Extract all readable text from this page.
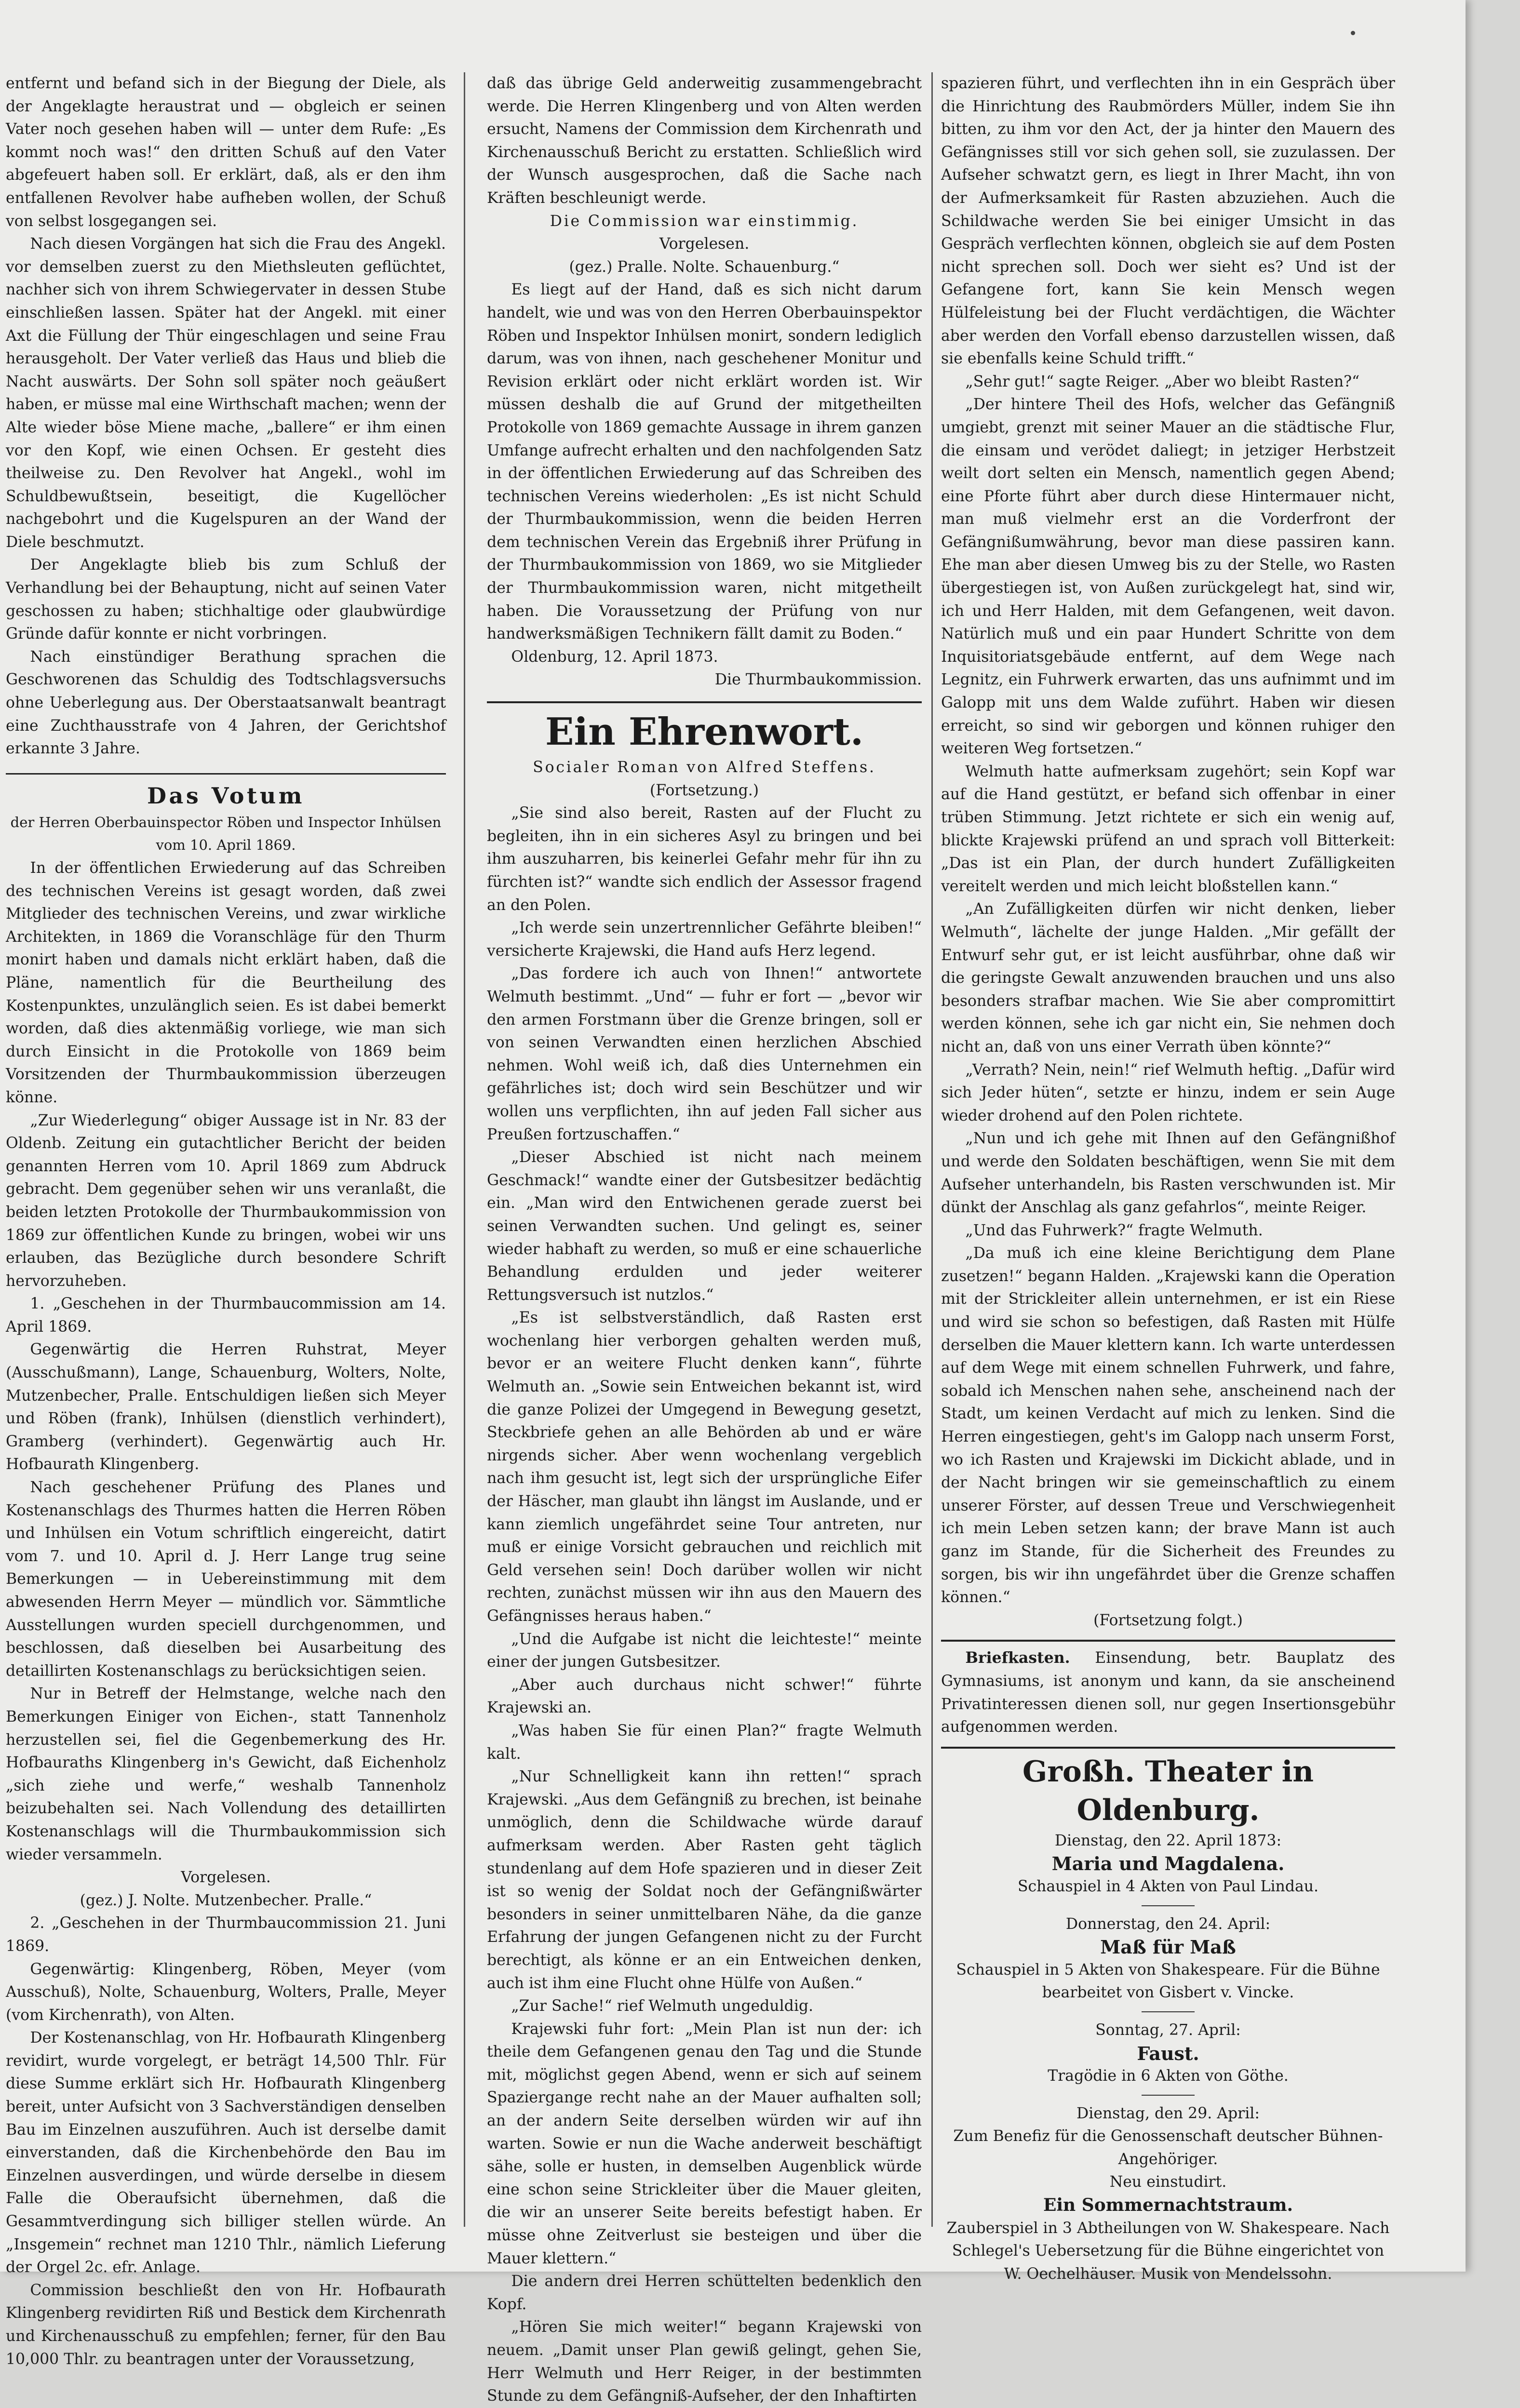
entfernt und befand sich in der Biegung der Diele, als der Angeklagte heraustrat und — obgleich er seinen Vater noch gesehen haben will — unter dem Rufe: „Es kommt noch was!“ den dritten Schuß auf den Vater abgefeuert haben soll. Er erklärt, daß, als er den ihm entfallenen Revolver habe aufheben wollen, der Schuß von selbst losgegangen sei.

Nach diesen Vorgängen hat sich die Frau des Angekl. vor demselben zuerst zu den Miethsleuten geflüchtet, nachher sich von ihrem Schwiegervater in dessen Stube einschließen lassen. Später hat der Angekl. mit einer Axt die Füllung der Thür eingeschlagen und seine Frau herausgeholt. Der Vater verließ das Haus und blieb die Nacht auswärts. Der Sohn soll später noch geäußert haben, er müsse mal eine Wirthschaft machen; wenn der Alte wieder böse Miene mache, „ballere“ er ihm einen vor den Kopf, wie einen Ochsen. Er gesteht dies theilweise zu. Den Revolver hat Angekl., wohl im Schuldbewußtsein, beseitigt, die Kugellöcher nachgebohrt und die Kugelspuren an der Wand der Diele beschmutzt.

Der Angeklagte blieb bis zum Schluß der Verhandlung bei der Behauptung, nicht auf seinen Vater geschossen zu haben; stichhaltige oder glaubwürdige Gründe dafür konnte er nicht vorbringen.

Nach einstündiger Berathung sprachen die Geschworenen das Schuldig des Todtschlagsversuchs ohne Ueberlegung aus. Der Oberstaatsanwalt beantragt eine Zuchthausstrafe von 4 Jahren, der Gerichtshof erkannte 3 Jahre.

Das Votum

der Herren Oberbauinspector Röben und Inspector Inhülsen vom 10. April 1869.

In der öffentlichen Erwiederung auf das Schreiben des technischen Vereins ist gesagt worden, daß zwei Mitglieder des technischen Vereins, und zwar wirkliche Architekten, in 1869 die Voranschläge für den Thurm monirt haben und damals nicht erklärt haben, daß die Pläne, namentlich für die Beurtheilung des Kostenpunktes, unzulänglich seien. Es ist dabei bemerkt worden, daß dies aktenmäßig vorliege, wie man sich durch Einsicht in die Protokolle von 1869 beim Vorsitzenden der Thurmbaukommission überzeugen könne.

„Zur Wiederlegung“ obiger Aussage ist in Nr. 83 der Oldenb. Zeitung ein gutachtlicher Bericht der beiden genannten Herren vom 10. April 1869 zum Abdruck gebracht. Dem gegenüber sehen wir uns veranlaßt, die beiden letzten Protokolle der Thurmbaukommission von 1869 zur öffentlichen Kunde zu bringen, wobei wir uns erlauben, das Bezügliche durch besondere Schrift hervorzuheben.

1. „Geschehen in der Thurmbaucommission am 14. April 1869.

Gegenwärtig die Herren Ruhstrat, Meyer (Ausschußmann), Lange, Schauenburg, Wolters, Nolte, Mutzenbecher, Pralle. Entschuldigen ließen sich Meyer und Röben (frank), Inhülsen (dienstlich verhindert), Gramberg (verhindert). Gegenwärtig auch Hr. Hofbaurath Klingenberg.

Nach geschehener Prüfung des Planes und Kostenanschlags des Thurmes hatten die Herren Röben und Inhülsen ein Votum schriftlich eingereicht, datirt vom 7. und 10. April d. J. Herr Lange trug seine Bemerkungen — in Uebereinstimmung mit dem abwesenden Herrn Meyer — mündlich vor. Sämmtliche Ausstellungen wurden speciell durchgenommen, und beschlossen, daß dieselben bei Ausarbeitung des detaillirten Kostenanschlags zu berücksichtigen seien.

Nur in Betreff der Helmstange, welche nach den Bemerkungen Einiger von Eichen-, statt Tannenholz herzustellen sei, fiel die Gegenbemerkung des Hr. Hofbauraths Klingenberg in's Gewicht, daß Eichenholz „sich ziehe und werfe,“ weshalb Tannenholz beizubehalten sei. Nach Vollendung des detaillirten Kostenanschlags will die Thurmbaukommission sich wieder versammeln.

Vorgelesen.

(gez.) J. Nolte. Mutzenbecher. Pralle.“

2. „Geschehen in der Thurmbaucommission 21. Juni 1869.

Gegenwärtig: Klingenberg, Röben, Meyer (vom Ausschuß), Nolte, Schauenburg, Wolters, Pralle, Meyer (vom Kirchenrath), von Alten.

Der Kostenanschlag, von Hr. Hofbaurath Klingenberg revidirt, wurde vorgelegt, er beträgt 14,500 Thlr. Für diese Summe erklärt sich Hr. Hofbaurath Klingenberg bereit, unter Aufsicht von 3 Sachverständigen denselben Bau im Einzelnen auszuführen. Auch ist derselbe damit einverstanden, daß die Kirchenbehörde den Bau im Einzelnen ausverdingen, und würde derselbe in diesem Falle die Oberaufsicht übernehmen, daß die Gesammtverdingung sich billiger stellen würde. An „Insgemein“ rechnet man 1210 Thlr., nämlich Lieferung der Orgel 2c. efr. Anlage.

Commission beschließt den von Hr. Hofbaurath Klingenberg revidirten Riß und Bestick dem Kirchenrath und Kirchenausschuß zu empfehlen; ferner, für den Bau 10,000 Thlr. zu beantragen unter der Voraussetzung,

daß das übrige Geld anderweitig zusammengebracht werde. Die Herren Klingenberg und von Alten werden ersucht, Namens der Commission dem Kirchenrath und Kirchenausschuß Bericht zu erstatten. Schließlich wird der Wunsch ausgesprochen, daß die Sache nach Kräften beschleunigt werde.

Die Commission war einstimmig.

Vorgelesen.

(gez.) Pralle. Nolte. Schauenburg.“

Es liegt auf der Hand, daß es sich nicht darum handelt, wie und was von den Herren Oberbauinspektor Röben und Inspektor Inhülsen monirt, sondern lediglich darum, was von ihnen, nach geschehener Monitur und Revision erklärt oder nicht erklärt worden ist. Wir müssen deshalb die auf Grund der mitgetheilten Protokolle von 1869 gemachte Aussage in ihrem ganzen Umfange aufrecht erhalten und den nachfolgenden Satz in der öffentlichen Erwiederung auf das Schreiben des technischen Vereins wiederholen: „Es ist nicht Schuld der Thurmbaukommission, wenn die beiden Herren dem technischen Verein das Ergebniß ihrer Prüfung in der Thurmbaukommission von 1869, wo sie Mitglieder der Thurmbaukommission waren, nicht mitgetheilt haben. Die Voraussetzung der Prüfung von nur handwerksmäßigen Technikern fällt damit zu Boden.“

Oldenburg, 12. April 1873.

Die Thurmbaukommission.

Ein Ehrenwort.

Socialer Roman von Alfred Steffens.

(Fortsetzung.)

„Sie sind also bereit, Rasten auf der Flucht zu begleiten, ihn in ein sicheres Asyl zu bringen und bei ihm auszuharren, bis keinerlei Gefahr mehr für ihn zu fürchten ist?“ wandte sich endlich der Assessor fragend an den Polen.

„Ich werde sein unzertrennlicher Gefährte bleiben!“ versicherte Krajewski, die Hand aufs Herz legend.

„Das fordere ich auch von Ihnen!“ antwortete Welmuth bestimmt. „Und“ — fuhr er fort — „bevor wir den armen Forstmann über die Grenze bringen, soll er von seinen Verwandten einen herzlichen Abschied nehmen. Wohl weiß ich, daß dies Unternehmen ein gefährliches ist; doch wird sein Beschützer und wir wollen uns verpflichten, ihn auf jeden Fall sicher aus Preußen fortzuschaffen.“

„Dieser Abschied ist nicht nach meinem Geschmack!“ wandte einer der Gutsbesitzer bedächtig ein. „Man wird den Entwichenen gerade zuerst bei seinen Verwandten suchen. Und gelingt es, seiner wieder habhaft zu werden, so muß er eine schauerliche Behandlung erdulden und jeder weiterer Rettungsversuch ist nutzlos.“

„Es ist selbstverständlich, daß Rasten erst wochenlang hier verborgen gehalten werden muß, bevor er an weitere Flucht denken kann“, führte Welmuth an. „Sowie sein Entweichen bekannt ist, wird die ganze Polizei der Umgegend in Bewegung gesetzt, Steckbriefe gehen an alle Behörden ab und er wäre nirgends sicher. Aber wenn wochenlang vergeblich nach ihm gesucht ist, legt sich der ursprüngliche Eifer der Häscher, man glaubt ihn längst im Auslande, und er kann ziemlich ungefährdet seine Tour antreten, nur muß er einige Vorsicht gebrauchen und reichlich mit Geld versehen sein! Doch darüber wollen wir nicht rechten, zunächst müssen wir ihn aus den Mauern des Gefängnisses heraus haben.“

„Und die Aufgabe ist nicht die leichteste!“ meinte einer der jungen Gutsbesitzer.

„Aber auch durchaus nicht schwer!“ führte Krajewski an.

„Was haben Sie für einen Plan?“ fragte Welmuth kalt.

„Nur Schnelligkeit kann ihn retten!“ sprach Krajewski. „Aus dem Gefängniß zu brechen, ist beinahe unmöglich, denn die Schildwache würde darauf aufmerksam werden. Aber Rasten geht täglich stundenlang auf dem Hofe spazieren und in dieser Zeit ist so wenig der Soldat noch der Gefängnißwärter besonders in seiner unmittelbaren Nähe, da die ganze Erfahrung der jungen Gefangenen nicht zu der Furcht berechtigt, als könne er an ein Entweichen denken, auch ist ihm eine Flucht ohne Hülfe von Außen.“

„Zur Sache!“ rief Welmuth ungeduldig.

Krajewski fuhr fort: „Mein Plan ist nun der: ich theile dem Gefangenen genau den Tag und die Stunde mit, möglichst gegen Abend, wenn er sich auf seinem Spaziergange recht nahe an der Mauer aufhalten soll; an der andern Seite derselben würden wir auf ihn warten. Sowie er nun die Wache anderweit beschäftigt sähe, solle er husten, in demselben Augenblick würde eine schon seine Strickleiter über die Mauer gleiten, die wir an unserer Seite bereits befestigt haben. Er müsse ohne Zeitverlust sie besteigen und über die Mauer klettern.“

Die andern drei Herren schüttelten bedenklich den Kopf.

„Hören Sie mich weiter!“ begann Krajewski von neuem. „Damit unser Plan gewiß gelingt, gehen Sie, Herr Welmuth und Herr Reiger, in der bestimmten Stunde zu dem Gefängniß-Aufseher, der den Inhaftirten

spazieren führt, und verflechten ihn in ein Gespräch über die Hinrichtung des Raubmörders Müller, indem Sie ihn bitten, zu ihm vor den Act, der ja hinter den Mauern des Gefängnisses still vor sich gehen soll, sie zuzulassen. Der Aufseher schwatzt gern, es liegt in Ihrer Macht, ihn von der Aufmerksamkeit für Rasten abzuziehen. Auch die Schildwache werden Sie bei einiger Umsicht in das Gespräch verflechten können, obgleich sie auf dem Posten nicht sprechen soll. Doch wer sieht es? Und ist der Gefangene fort, kann Sie kein Mensch wegen Hülfeleistung bei der Flucht verdächtigen, die Wächter aber werden den Vorfall ebenso darzustellen wissen, daß sie ebenfalls keine Schuld trifft.“

„Sehr gut!“ sagte Reiger. „Aber wo bleibt Rasten?“

„Der hintere Theil des Hofs, welcher das Gefängniß umgiebt, grenzt mit seiner Mauer an die städtische Flur, die einsam und verödet daliegt; in jetziger Herbstzeit weilt dort selten ein Mensch, namentlich gegen Abend; eine Pforte führt aber durch diese Hintermauer nicht, man muß vielmehr erst an die Vorderfront der Gefängnißumwährung, bevor man diese passiren kann. Ehe man aber diesen Umweg bis zu der Stelle, wo Rasten übergestiegen ist, von Außen zurückgelegt hat, sind wir, ich und Herr Halden, mit dem Gefangenen, weit davon. Natürlich muß und ein paar Hundert Schritte von dem Inquisitoriatsgebäude entfernt, auf dem Wege nach Legnitz, ein Fuhrwerk erwarten, das uns aufnimmt und im Galopp mit uns dem Walde zuführt. Haben wir diesen erreicht, so sind wir geborgen und können ruhiger den weiteren Weg fortsetzen.“

Welmuth hatte aufmerksam zugehört; sein Kopf war auf die Hand gestützt, er befand sich offenbar in einer trüben Stimmung. Jetzt richtete er sich ein wenig auf, blickte Krajewski prüfend an und sprach voll Bitterkeit: „Das ist ein Plan, der durch hundert Zufälligkeiten vereitelt werden und mich leicht bloßstellen kann.“

„An Zufälligkeiten dürfen wir nicht denken, lieber Welmuth“, lächelte der junge Halden. „Mir gefällt der Entwurf sehr gut, er ist leicht ausführbar, ohne daß wir die geringste Gewalt anzuwenden brauchen und uns also besonders strafbar machen. Wie Sie aber compromittirt werden können, sehe ich gar nicht ein, Sie nehmen doch nicht an, daß von uns einer Verrath üben könnte?“

„Verrath? Nein, nein!“ rief Welmuth heftig. „Dafür wird sich Jeder hüten“, setzte er hinzu, indem er sein Auge wieder drohend auf den Polen richtete.

„Nun und ich gehe mit Ihnen auf den Gefängnißhof und werde den Soldaten beschäftigen, wenn Sie mit dem Aufseher unterhandeln, bis Rasten verschwunden ist. Mir dünkt der Anschlag als ganz gefahrlos“, meinte Reiger.

„Und das Fuhrwerk?“ fragte Welmuth.

„Da muß ich eine kleine Berichtigung dem Plane zusetzen!“ begann Halden. „Krajewski kann die Operation mit der Strickleiter allein unternehmen, er ist ein Riese und wird sie schon so befestigen, daß Rasten mit Hülfe derselben die Mauer klettern kann. Ich warte unterdessen auf dem Wege mit einem schnellen Fuhrwerk, und fahre, sobald ich Menschen nahen sehe, anscheinend nach der Stadt, um keinen Verdacht auf mich zu lenken. Sind die Herren eingestiegen, geht's im Galopp nach unserm Forst, wo ich Rasten und Krajewski im Dickicht ablade, und in der Nacht bringen wir sie gemeinschaftlich zu einem unserer Förster, auf dessen Treue und Verschwiegenheit ich mein Leben setzen kann; der brave Mann ist auch ganz im Stande, für die Sicherheit des Freundes zu sorgen, bis wir ihn ungefährdet über die Grenze schaffen können.“

(Fortsetzung folgt.)

Briefkasten. Einsendung, betr. Bauplatz des Gymnasiums, ist anonym und kann, da sie anscheinend Privatinteressen dienen soll, nur gegen Insertionsgebühr aufgenommen werden.

Großh. Theater in Oldenburg.

Dienstag, den 22. April 1873:

Maria und Magdalena.

Schauspiel in 4 Akten von Paul Lindau.

Donnerstag, den 24. April:

Maß für Maß

Schauspiel in 5 Akten von Shakespeare. Für die Bühne bearbeitet von Gisbert v. Vincke.

Sonntag, 27. April:

Faust.

Tragödie in 6 Akten von Göthe.

Dienstag, den 29. April:

Zum Benefiz für die Genossenschaft deutscher Bühnen-Angehöriger.

Neu einstudirt.

Ein Sommernachtstraum.

Zauberspiel in 3 Abtheilungen von W. Shakespeare. Nach Schlegel's Uebersetzung für die Bühne eingerichtet von W. Oechelhäuser. Musik von Mendelssohn.
